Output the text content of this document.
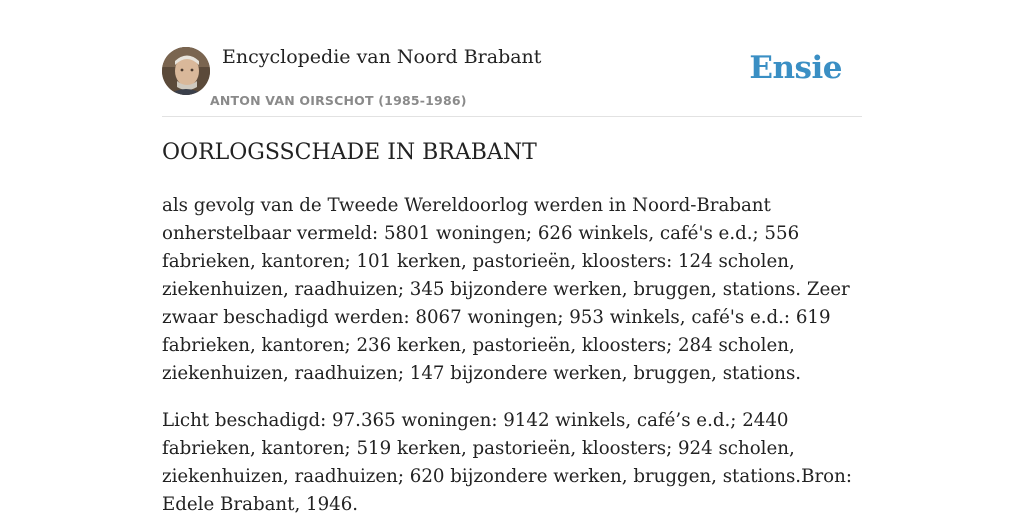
Encyclopedie van Noord Brabant
ANTON VAN OIRSCHOT (1985-1986)
Ensie
OORLOGSSCHADE IN BRABANT

als gevolg van de Tweede Wereldoorlog werden in Noord-Brabant onherstelbaar vermeld: 5801 woningen; 626 winkels, café's e.d.; 556 fabrieken, kantoren; 101 kerken, pastorieën, kloosters: 124 scholen, ziekenhuizen, raadhuizen; 345 bijzondere werken, bruggen, stations. Zeer zwaar beschadigd werden: 8067 woningen; 953 winkels, café's e.d.: 619 fabrieken, kantoren; 236 kerken, pastorieën, kloosters; 284 scholen, ziekenhuizen, raadhuizen; 147 bijzondere werken, bruggen, stations.

Licht beschadigd: 97.365 woningen: 9142 winkels, café’s e.d.; 2440 fabrieken, kantoren; 519 kerken, pastorieën, kloosters; 924 scholen, ziekenhuizen, raadhuizen; 620 bijzondere werken, bruggen, stations.Bron: Edele Brabant, 1946.
